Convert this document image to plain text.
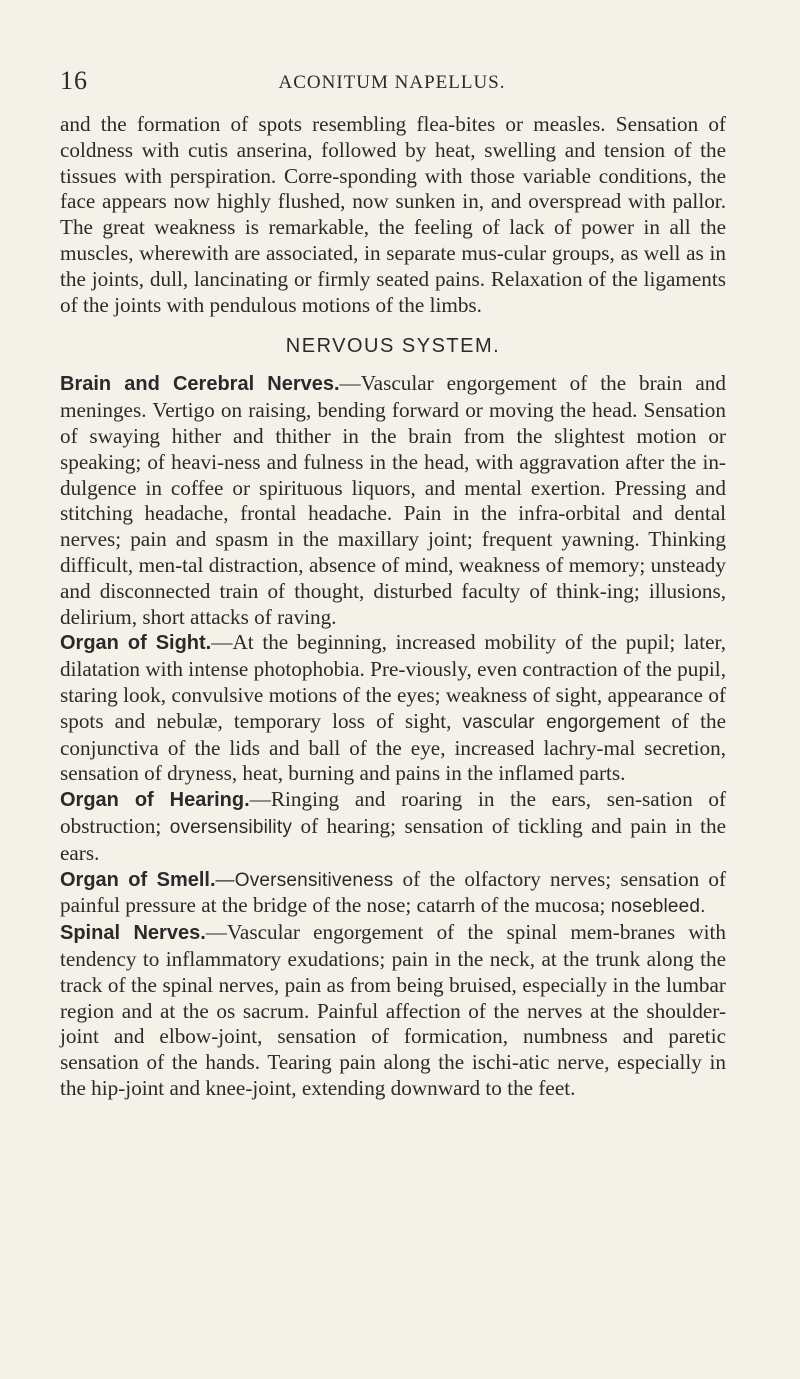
16	ACONITUM NAPELLUS.

and the formation of spots resembling flea-bites or measles. Sensation of coldness with cutis anserina, followed by heat, swelling and tension of the tissues with perspiration. Corre-sponding with those variable conditions, the face appears now highly flushed, now sunken in, and overspread with pallor. The great weakness is remarkable, the feeling of lack of power in all the muscles, wherewith are associated, in separate mus-cular groups, as well as in the joints, dull, lancinating or firmly seated pains. Relaxation of the ligaments of the joints with pendulous motions of the limbs.

NERVOUS SYSTEM.

Brain and Cerebral Nerves.—Vascular engorgement of the brain and meninges. Vertigo on raising, bending forward or moving the head. Sensation of swaying hither and thither in the brain from the slightest motion or speaking; of heavi-ness and fulness in the head, with aggravation after the in-dulgence in coffee or spirituous liquors, and mental exertion. Pressing and stitching headache, frontal headache. Pain in the infra-orbital and dental nerves; pain and spasm in the maxillary joint; frequent yawning. Thinking difficult, men-tal distraction, absence of mind, weakness of memory; unsteady and disconnected train of thought, disturbed faculty of think-ing; illusions, delirium, short attacks of raving.

Organ of Sight.—At the beginning, increased mobility of the pupil; later, dilatation with intense photophobia. Pre-viously, even contraction of the pupil, staring look, convulsive motions of the eyes; weakness of sight, appearance of spots and nebulæ, temporary loss of sight, vascular engorgement of the conjunctiva of the lids and ball of the eye, increased lachry-mal secretion, sensation of dryness, heat, burning and pains in the inflamed parts.

Organ of Hearing.—Ringing and roaring in the ears, sen-sation of obstruction; oversensibility of hearing; sensation of tickling and pain in the ears.

Organ of Smell.—Oversensitiveness of the olfactory nerves; sensation of painful pressure at the bridge of the nose; catarrh of the mucosa; nosebleed.

Spinal Nerves.—Vascular engorgement of the spinal mem-branes with tendency to inflammatory exudations; pain in the neck, at the trunk along the track of the spinal nerves, pain as from being bruised, especially in the lumbar region and at the os sacrum. Painful affection of the nerves at the shoulder-joint and elbow-joint, sensation of formication, numbness and paretic sensation of the hands. Tearing pain along the ischi-atic nerve, especially in the hip-joint and knee-joint, extending downward to the feet.
